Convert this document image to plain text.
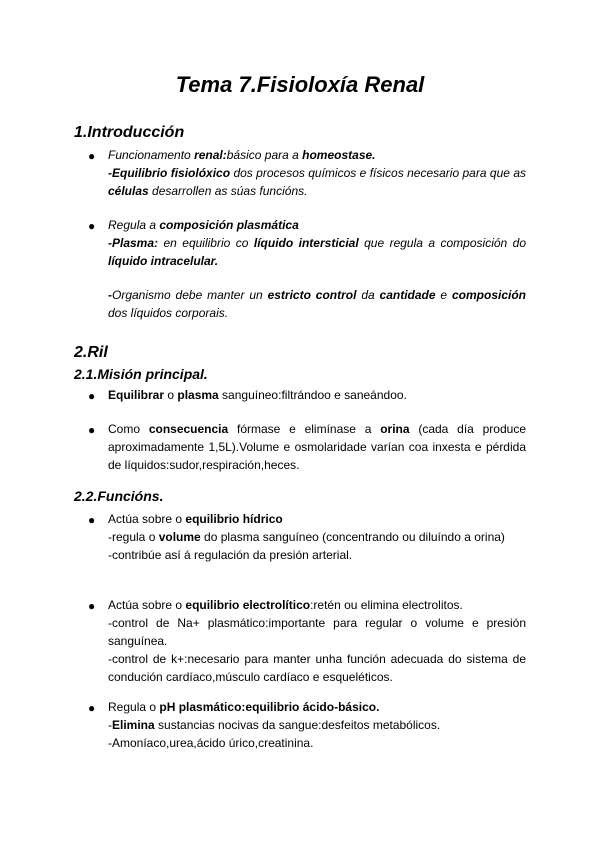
Tema 7.Fisioloxía Renal
1.Introducción
● Funcionamento renal:básico para a homeostase.
-Equilibrio fisiolóxico dos procesos químicos e físicos necesario para que as células desarrollen as súas funcións.
● Regula a composición plasmática
-Plasma: en equilibrio co líquido intersticial que regula a composición do líquido intracelular.
-Organismo debe manter un estricto control da cantidade e composición dos líquidos corporais.
2.Ril
2.1.Misión principal.
● Equilibrar o plasma sanguíneo:filtrándoo e saneándoo.
● Como consecuencia fórmase e elimínase a orina (cada día produce aproximadamente 1,5L).Volume e osmolaridade varían coa inxesta e pérdida de líquidos:sudor,respiración,heces.
2.2.Funcións.
● Actúa sobre o equilibrio hídrico
-regula o volume do plasma sanguíneo (concentrando ou diluíndo a orina)
-contribúe así á regulación da presión arterial.
● Actúa sobre o equilibrio electrolítico:retén ou elimina electrolitos.
-control de Na+ plasmático:importante para regular o volume e presión sanguínea.
-control de k+:necesario para manter unha función adecuada do sistema de condución cardíaco,músculo cardíaco e esqueléticos.
● Regula o pH plasmático:equilibrio ácido-básico.
-Elimina sustancias nocivas da sangue:desfeitos metabólicos.
-Amoníaco,urea,ácido úrico,creatinina.
